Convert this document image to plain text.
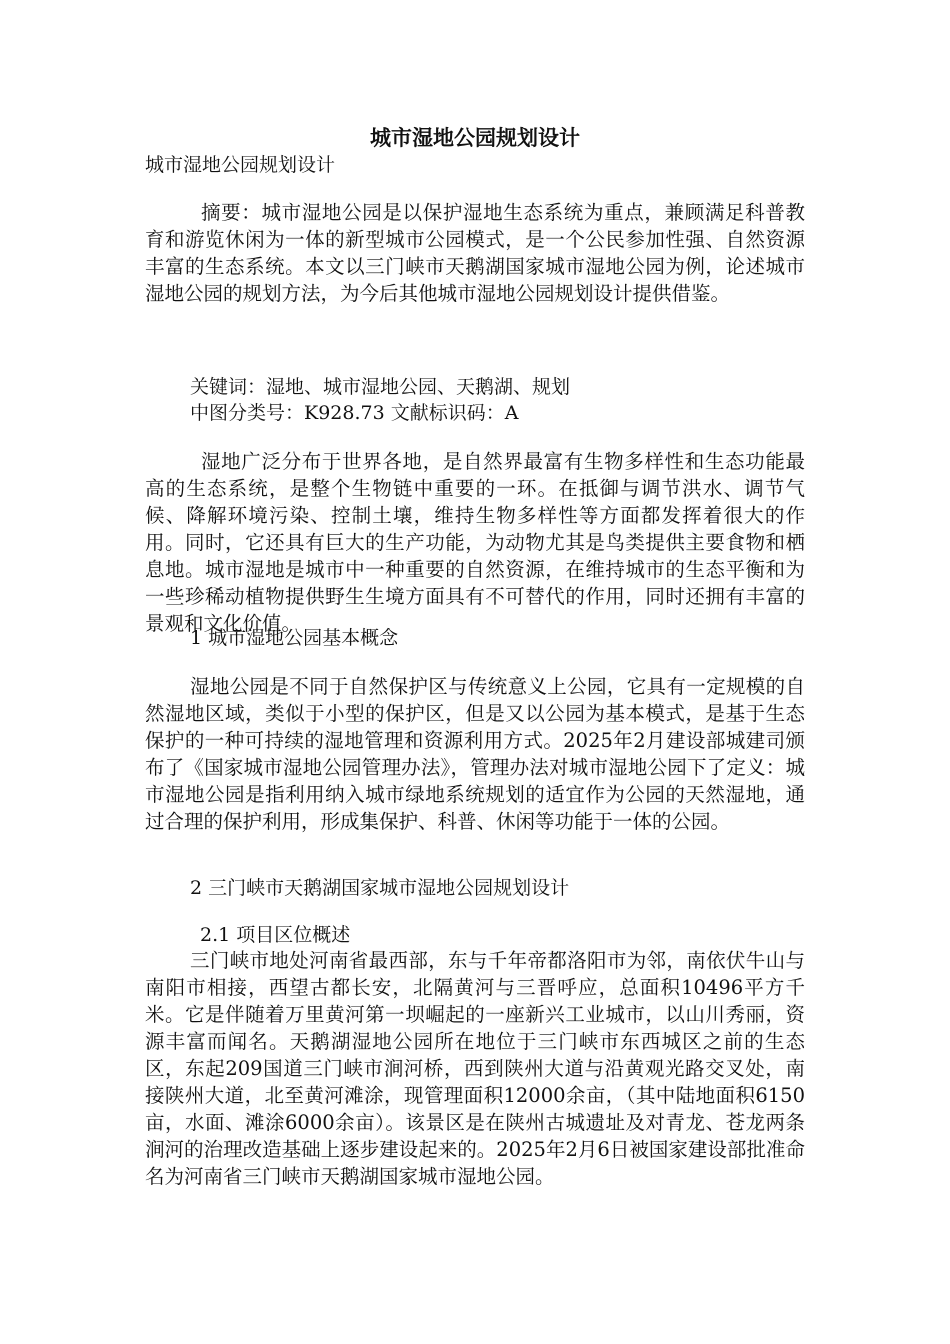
城市湿地公园规划设计
城市湿地公园规划设计

摘要：城市湿地公园是以保护湿地生态系统为重点，兼顾满足科普教育和游览休闲为一体的新型城市公园模式，是一个公民参加性强、自然资源丰富的生态系统。本文以三门峡市天鹅湖国家城市湿地公园为例，论述城市湿地公园的规划方法，为今后其他城市湿地公园规划设计提供借鉴。

关键词：湿地、城市湿地公园、天鹅湖、规划
中图分类号：K928.73 文献标识码：A

湿地广泛分布于世界各地，是自然界最富有生物多样性和生态功能最高的生态系统，是整个生物链中重要的一环。在抵御与调节洪水、调节气候、降解环境污染、控制土壤，维持生物多样性等方面都发挥着很大的作用。同时，它还具有巨大的生产功能，为动物尤其是鸟类提供主要食物和栖息地。城市湿地是城市中一种重要的自然资源，在维持城市的生态平衡和为一些珍稀动植物提供野生生境方面具有不可替代的作用，同时还拥有丰富的景观和文化价值。

1 城市湿地公园基本概念

湿地公园是不同于自然保护区与传统意义上公园，它具有一定规模的自然湿地区域，类似于小型的保护区，但是又以公园为基本模式，是基于生态保护的一种可持续的湿地管理和资源利用方式。2025年2月建设部城建司颁布了《国家城市湿地公园管理办法》，管理办法对城市湿地公园下了定义：城市湿地公园是指利用纳入城市绿地系统规划的适宜作为公园的天然湿地，通过合理的保护利用，形成集保护、科普、休闲等功能于一体的公园。

2 三门峡市天鹅湖国家城市湿地公园规划设计
2.1 项目区位概述

三门峡市地处河南省最西部，东与千年帝都洛阳市为邻，南依伏牛山与南阳市相接，西望古都长安，北隔黄河与三晋呼应，总面积10496平方千米。它是伴随着万里黄河第一坝崛起的一座新兴工业城市，以山川秀丽，资源丰富而闻名。天鹅湖湿地公园所在地位于三门峡市东西城区之前的生态区，东起209国道三门峡市涧河桥，西到陕州大道与沿黄观光路交叉处，南接陕州大道，北至黄河滩涂，现管理面积12000余亩，（其中陆地面积6150亩，水面、滩涂6000余亩）。该景区是在陕州古城遗址及对青龙、苍龙两条涧河的治理改造基础上逐步建设起来的。2025年2月6日被国家建设部批准命名为河南省三门峡市天鹅湖国家城市湿地公园。
